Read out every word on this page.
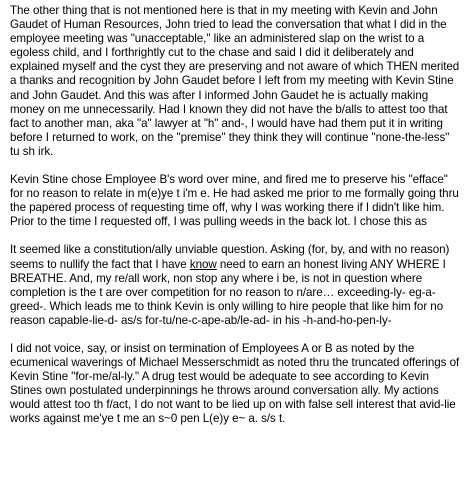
The other thing that is not mentioned here is that in my meeting with Kevin and John Gaudet of Human Resources, John tried to lead the conversation that what I did in the employee meeting was "unacceptable," like an administered slap on the wrist to a egoless child, and I forthrightly cut to the chase and said I did it deliberately and explained myself and the cyst they are preserving and not aware of which THEN merited a thanks and recognition by John Gaudet before I left from my meeting with Kevin Stine and John Gaudet. And this was after I informed John Gaudet he is actually making money on me unnecessarily. Had I known they did not have the b/alls to attest too that fact to another man, aka "a" lawyer at "h" and-, I would have had them put it in writing before I returned to work, on the "premise" they think they will continue "none-the-less" tu sh irk.

Kevin Stine chose Employee B's word over mine, and fired me to preserve his "efface" for no reason to relate in m(e)ye t i'm e. He had asked me prior to me formally going thru the papered process of requesting time off, why I was working there if I didn't like him. Prior to the time I requested off, I was pulling weeds in the back lot. I chose this as

It seemed like a constitution/ally unviable question. Asking (for, by, and with no reason) seems to nullify the fact that I have know need to earn an honest living ANY WHERE I BREATHE. And, my re/all work, non stop any where i be, is not in question where completion is the t are over competition for no reason to n/are… exceeding-ly- eg-a-greed-. Which leads me to think Kevin is only willing to hire people that like him for no reason capable-lie-d- as/s for-tu/ne-c-ape-ab/le-ad- in his -h-and-ho-pen-ly-

I did not voice, say, or insist on termination of Employees A or B as noted by the ecumenical waverings of Michael Messerschmidt as noted thru the truncated offerings of Kevin Stine "for-me/al-ly." A drug test would be adequate to see according to Kevin Stines own postulated underpinnings he throws around conversation ally. My actions would attest too th f/act, I do not want to be lied up on with false sell interest that avid-lie works against me'ye t me an s~0 pen L(e)y e~ a. s/s t.
